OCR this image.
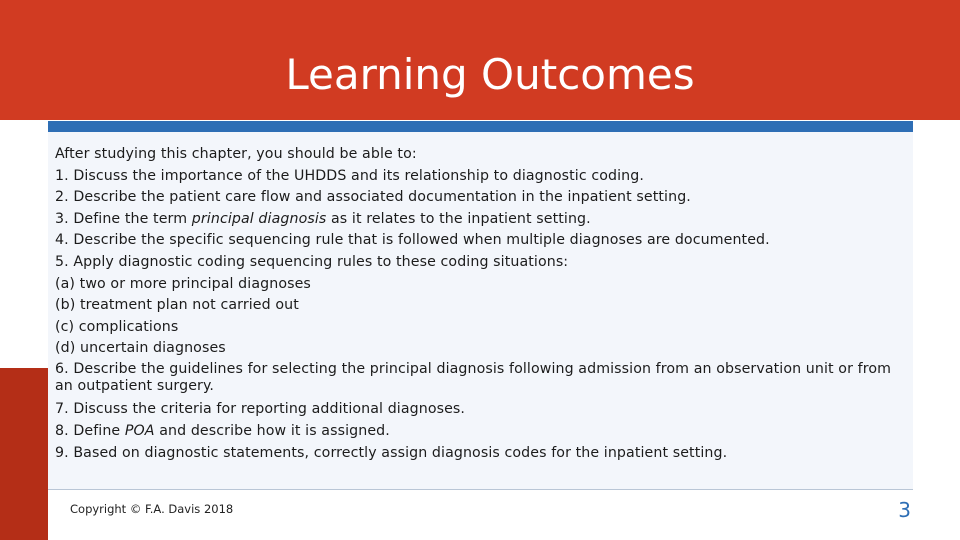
Learning Outcomes
After studying this chapter, you should be able to:
1. Discuss the importance of the UHDDS and its relationship to diagnostic coding.
2. Describe the patient care flow and associated documentation in the inpatient setting.
3. Define the term principal diagnosis as it relates to the inpatient setting.
4. Describe the specific sequencing rule that is followed when multiple diagnoses are documented.
5. Apply diagnostic coding sequencing rules to these coding situations:
(a) two or more principal diagnoses
(b) treatment plan not carried out
(c) complications
(d) uncertain diagnoses
6. Describe the guidelines for selecting the principal diagnosis following admission from an observation unit or from an outpatient surgery.
7. Discuss the criteria for reporting additional diagnoses.
8. Define POA and describe how it is assigned.
9. Based on diagnostic statements, correctly assign diagnosis codes for the inpatient setting.
Copyright © F.A. Davis 2018	3
